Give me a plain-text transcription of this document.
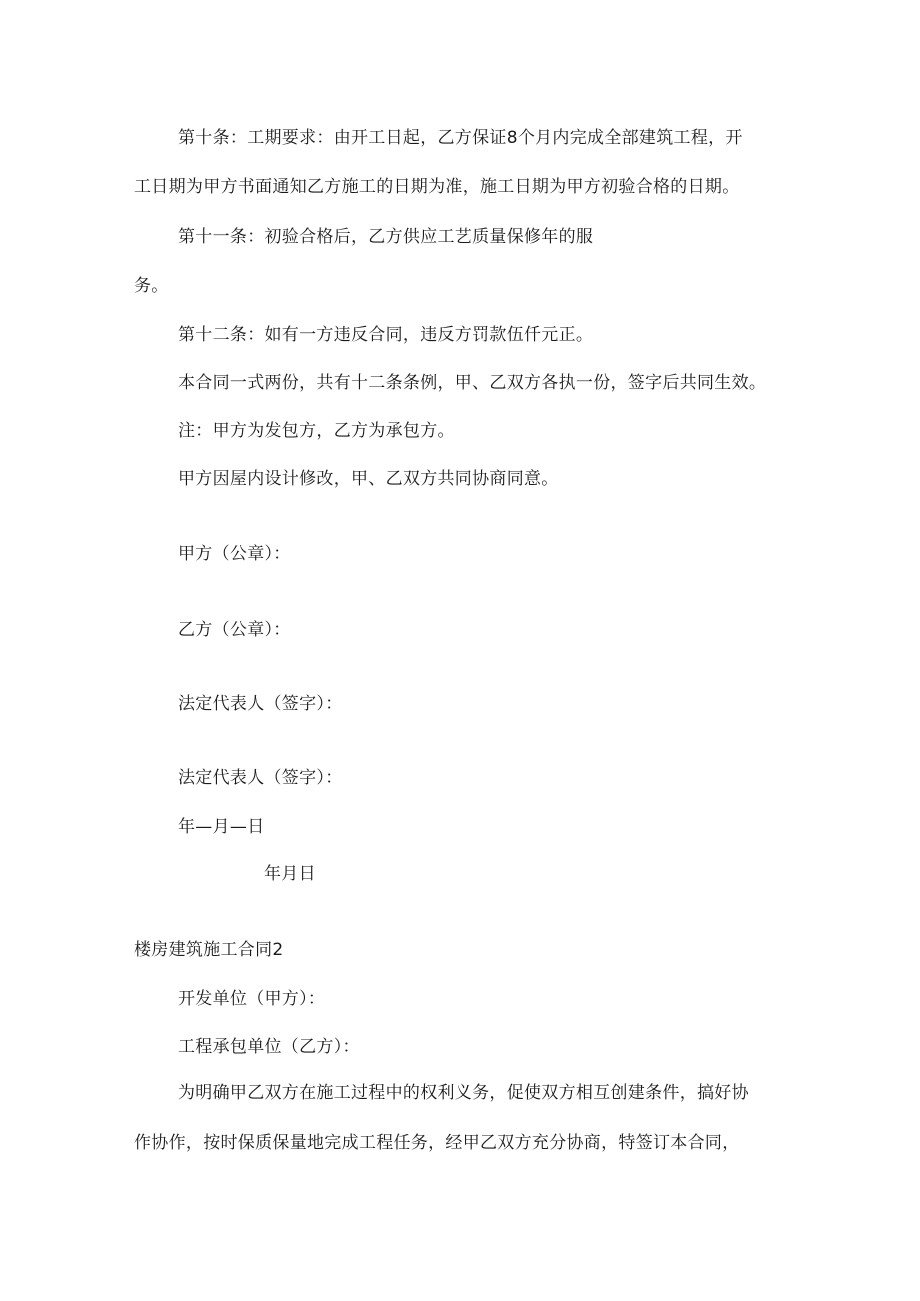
第十条：工期要求：由开工日起，乙方保证8个月内完成全部建筑工程，开
工日期为甲方书面通知乙方施工的日期为准，施工日期为甲方初验合格的日期。
第十一条：初验合格后，乙方供应工艺质量保修年的服
务。
第十二条：如有一方违反合同，违反方罚款伍仟元正。
本合同一式两份，共有十二条条例，甲、乙双方各执一份，签字后共同生效。
注：甲方为发包方，乙方为承包方。
甲方因屋内设计修改，甲、乙双方共同协商同意。
甲方（公章）：
乙方（公章）：
法定代表人（签字）：
法定代表人（签字）：
年—月—日
年月日
楼房建筑施工合同2
开发单位（甲方）：
工程承包单位（乙方）：
为明确甲乙双方在施工过程中的权利义务，促使双方相互创建条件，搞好协
作协作，按时保质保量地完成工程任务，经甲乙双方充分协商，特签订本合同，
